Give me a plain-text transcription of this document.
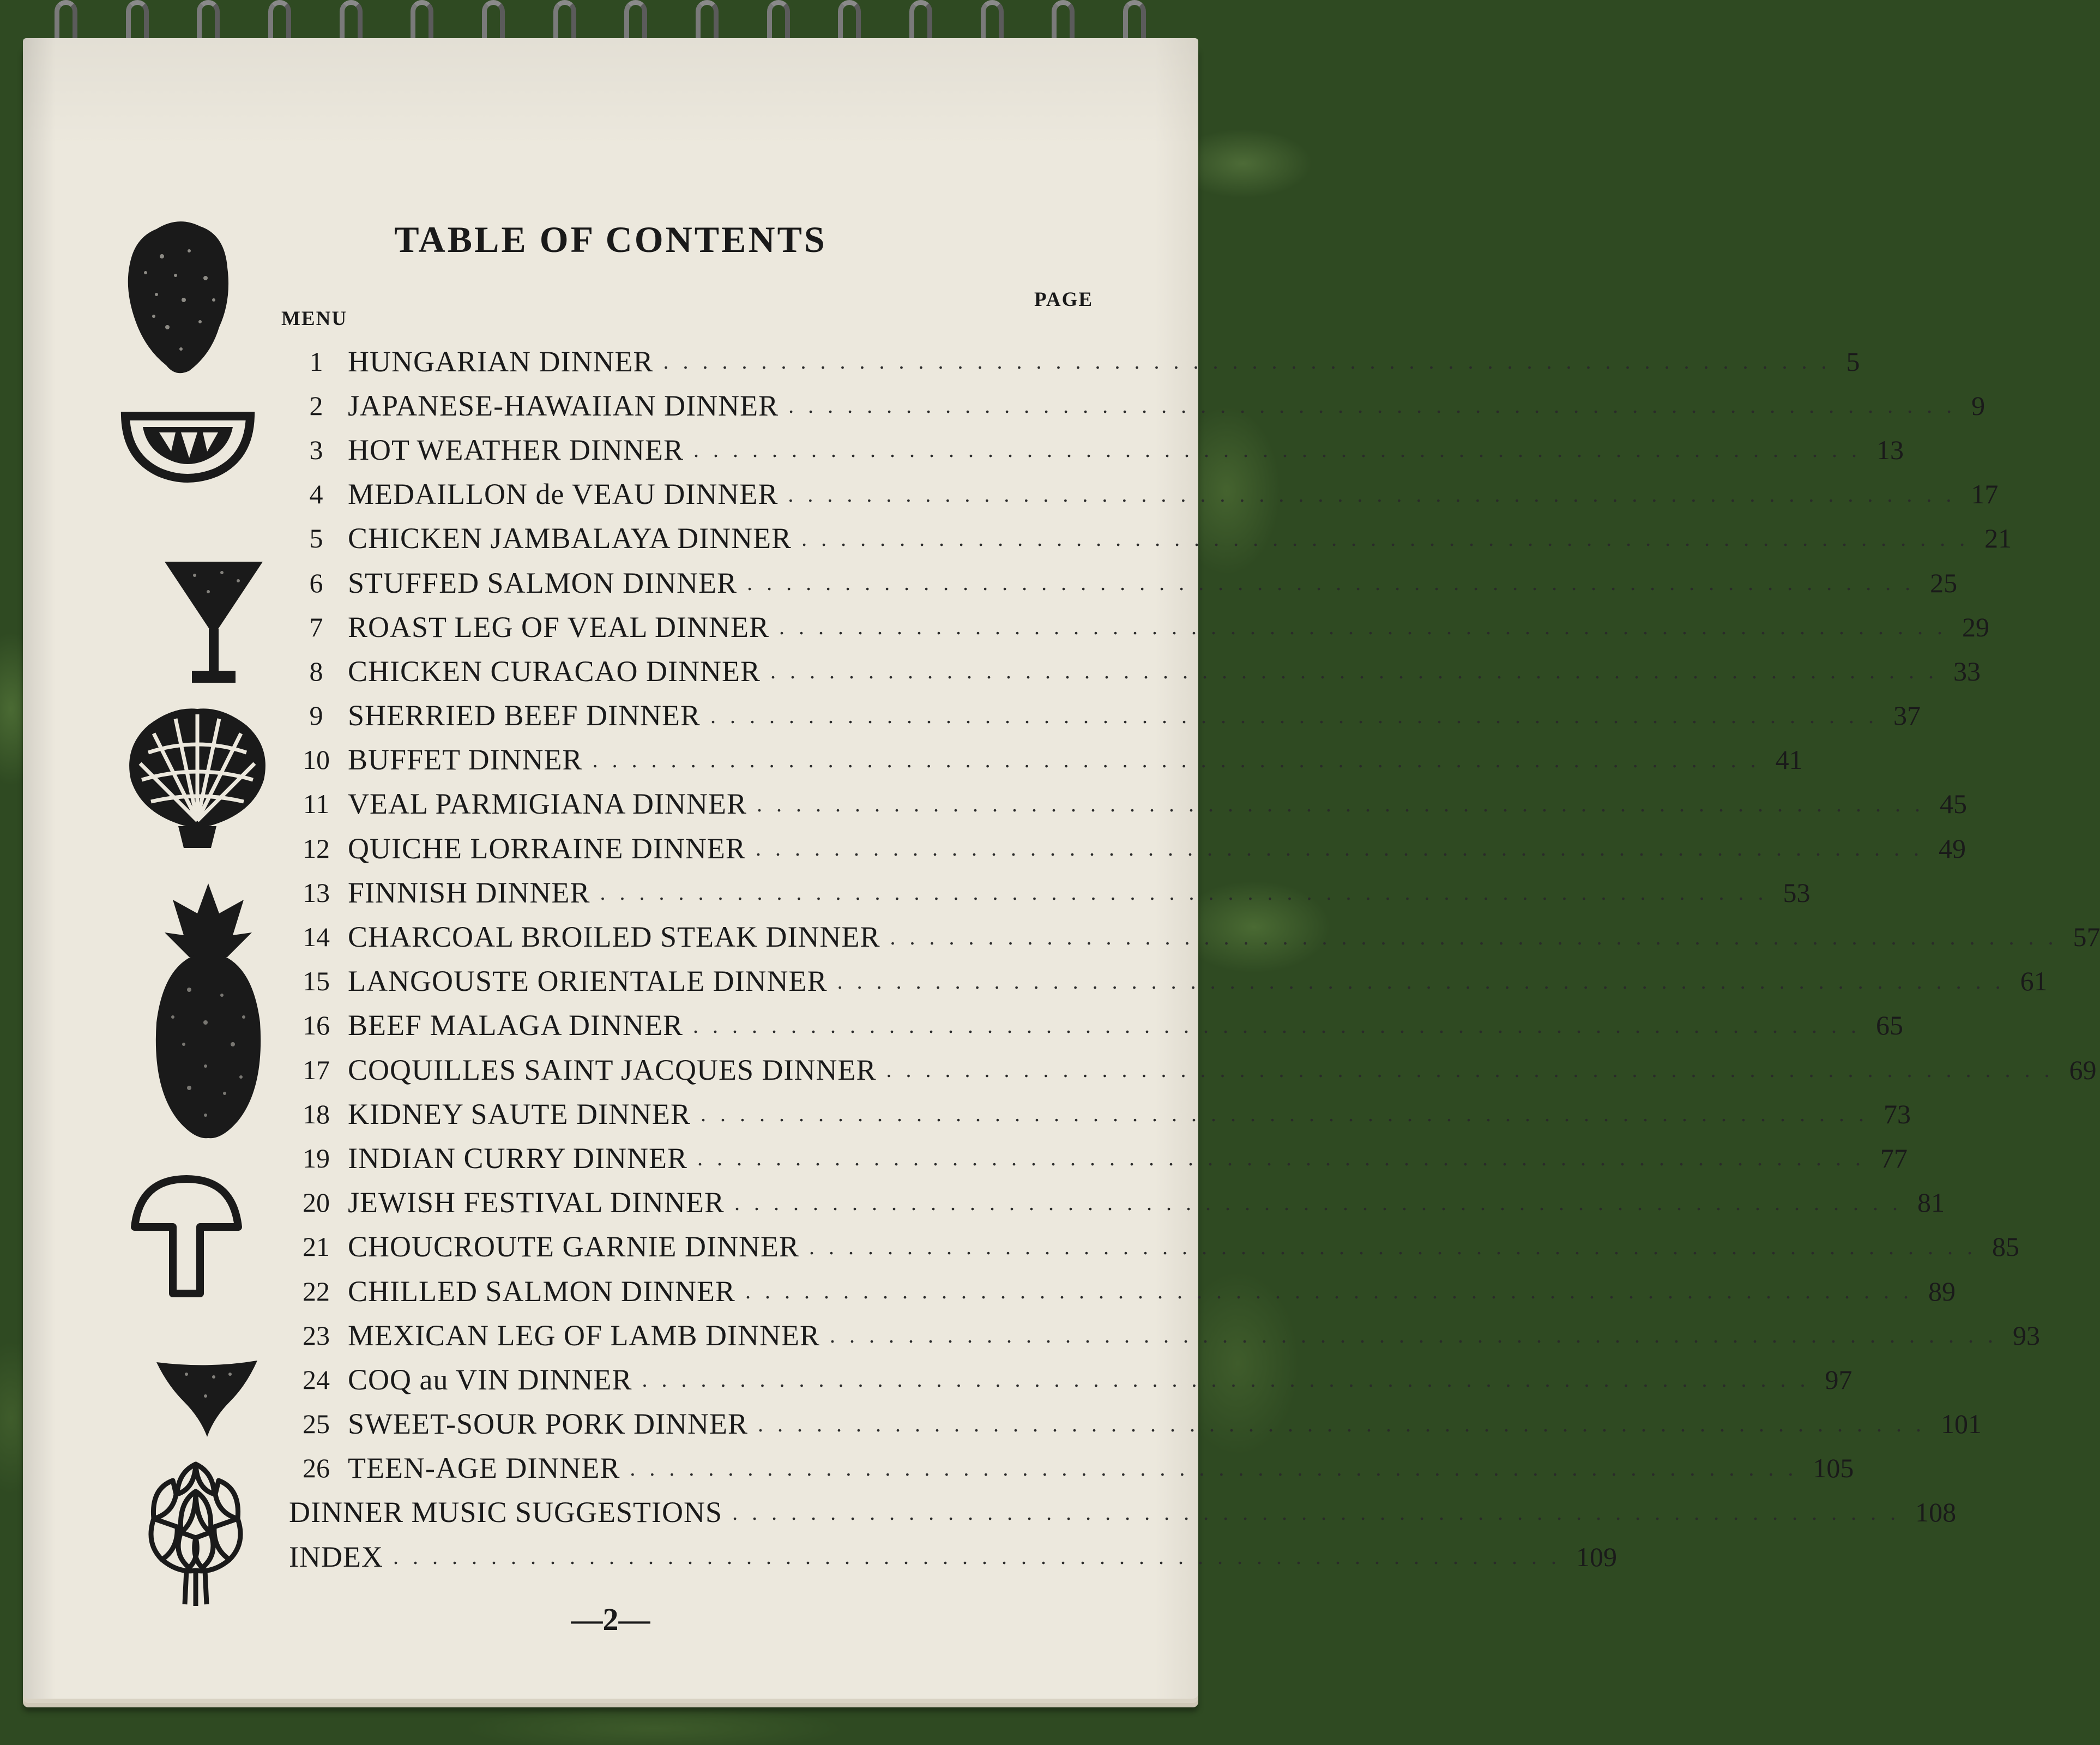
TABLE OF CONTENTS
MENU
PAGE
1 HUNGARIAN DINNER ............................................................ 5
2 JAPANESE-HAWAIIAN DINNER ............................................................ 9
3 HOT WEATHER DINNER ............................................................ 13
4 MEDAILLON de VEAU DINNER ............................................................ 17
5 CHICKEN JAMBALAYA DINNER ............................................................ 21
6 STUFFED SALMON DINNER ............................................................ 25
7 ROAST LEG OF VEAL DINNER ............................................................ 29
8 CHICKEN CURACAO DINNER ............................................................ 33
9 SHERRIED BEEF DINNER ............................................................ 37
10 BUFFET DINNER ............................................................ 41
11 VEAL PARMIGIANA DINNER ............................................................ 45
12 QUICHE LORRAINE DINNER ............................................................ 49
13 FINNISH DINNER ............................................................ 53
14 CHARCOAL BROILED STEAK DINNER ............................................................ 57
15 LANGOUSTE ORIENTALE DINNER ............................................................ 61
16 BEEF MALAGA DINNER ............................................................ 65
17 COQUILLES SAINT JACQUES DINNER ............................................................ 69
18 KIDNEY SAUTE DINNER ............................................................ 73
19 INDIAN CURRY DINNER ............................................................ 77
20 JEWISH FESTIVAL DINNER ............................................................ 81
21 CHOUCROUTE GARNIE DINNER ............................................................ 85
22 CHILLED SALMON DINNER ............................................................ 89
23 MEXICAN LEG OF LAMB DINNER ............................................................ 93
24 COQ au VIN DINNER ............................................................ 97
25 SWEET-SOUR PORK DINNER ............................................................ 101
26 TEEN-AGE DINNER ............................................................ 105
DINNER MUSIC SUGGESTIONS ............................................................ 108
INDEX ............................................................ 109
—2—
